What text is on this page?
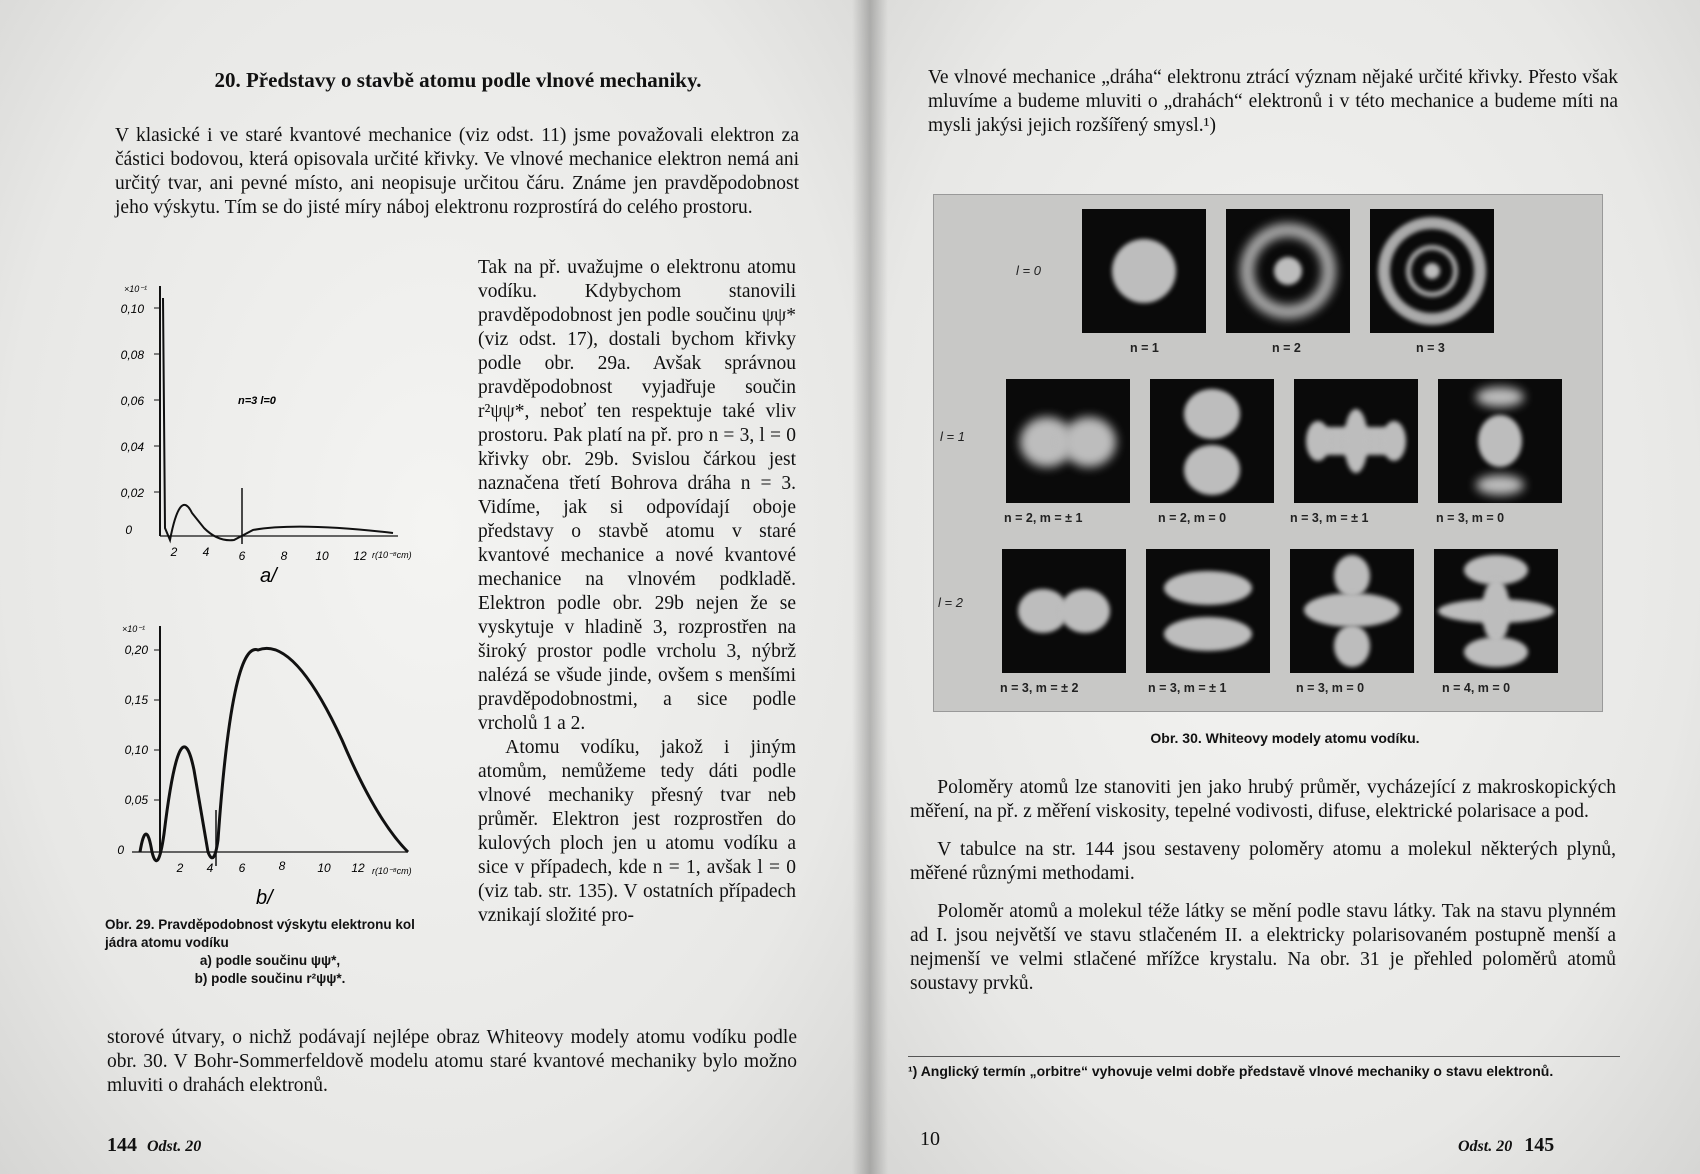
20. Představy o stavbě atomu podle vlnové mechaniky.
V klasické i ve staré kvantové mechanice (viz odst. 11) jsme považovali elektron za částici bodovou, která opisovala určité křivky. Ve vlnové mechanice elektron nemá ani určitý tvar, ani pevné místo, ani neopisuje určitou čáru. Známe jen pravděpodobnost jeho výskytu. Tím se do jisté míry náboj elektronu rozprostírá do celého prostoru.
×10⁻¹
0,10
0,08
0,06
0,04
0,02
0
n=3 l=0
2 4 6	8 10 12 r(10⁻⁸cm)
a/
×10⁻¹
0,20
0,15
0,10
0,05
0
2 4 6	8	10 12 r(10⁻⁸cm)
b/
Obr. 29. Pravděpodobnost výskytu elektronu kol jádra atomu vodíku
a) podle součinu ψψ*,
b) podle součinu r²ψψ*.

Tak na př. uvažujme o elektronu atomu vodíku. Kdybychom stanovili pravděpodobnost jen podle součinu ψψ* (viz odst. 17), dostali bychom křivky podle obr. 29a. Avšak správnou pravděpodobnost vyjadřuje součin r²ψψ*, neboť ten respektuje také vliv prostoru. Pak platí na př. pro n = 3, l = 0 křivky obr. 29b. Svislou čárkou jest naznačena třetí Bohrova dráha n = 3. Vidíme, jak si odpovídají oboje představy o stavbě atomu v staré kvantové mechanice a nové kvantové mechanice na vlnovém podkladě. Elektron podle obr. 29b nejen že se vyskytuje v hladině 3, rozprostřen na široký prostor podle vrcholu 3, nýbrž nalézá se všude jinde, ovšem s menšími pravděpodobnostmi, a sice podle vrcholů 1 a 2.

Atomu vodíku, jakož i jiným atomům, nemůžeme tedy dáti podle vlnové mechaniky přesný tvar neb průměr. Elektron jest rozprostřen do kulových ploch jen u atomu vodíku a sice v případech, kde n = 1, avšak l = 0 (viz tab. str. 135). V ostatních případech vznikají složité pro-

storové útvary, o nichž podávají nejlépe obraz Whiteovy modely atomu vodíku podle obr. 30. V Bohr-Sommerfeldově modelu atomu staré kvantové mechaniky bylo možno mluviti o drahách elektronů.
144 Odst. 20

Ve vlnové mechanice „dráha“ elektronu ztrácí význam nějaké určité křivky. Přesto však mluvíme a budeme mluviti o „drahách“ elektronů i v této mechanice a budeme míti na mysli jakýsi jejich rozšířený smysl.¹)

l = 0
l = 1
l = 2
n = 1	n = 2	n = 3
n = 2, m = ± 1	n = 2, m = 0	n = 3, m = ± 1	n = 3, m = 0
n = 3, m = ± 2	n = 3, m = ± 1	n = 3, m = 0	n = 4, m = 0
Obr. 30. Whiteovy modely atomu vodíku.

Poloměry atomů lze stanoviti jen jako hrubý průměr, vycházející z makroskopických měření, na př. z měření viskosity, tepelné vodivosti, difuse, elektrické polarisace a pod.

V tabulce na str. 144 jsou sestaveny poloměry atomu a molekul některých plynů, měřené různými methodami.

Poloměr atomů a molekul téže látky se mění podle stavu látky. Tak na stavu plynném ad I. jsou největší ve stavu stlačeném II. a elektricky polarisovaném postupně menší a nejmenší ve velmi stlačené mřížce krystalu. Na obr. 31 je přehled poloměrů atomů soustavy prvků.

¹) Anglický termín „orbitre“ vyhovuje velmi dobře představě vlnové mechaniky o stavu elektronů.
10	Odst. 20 145
